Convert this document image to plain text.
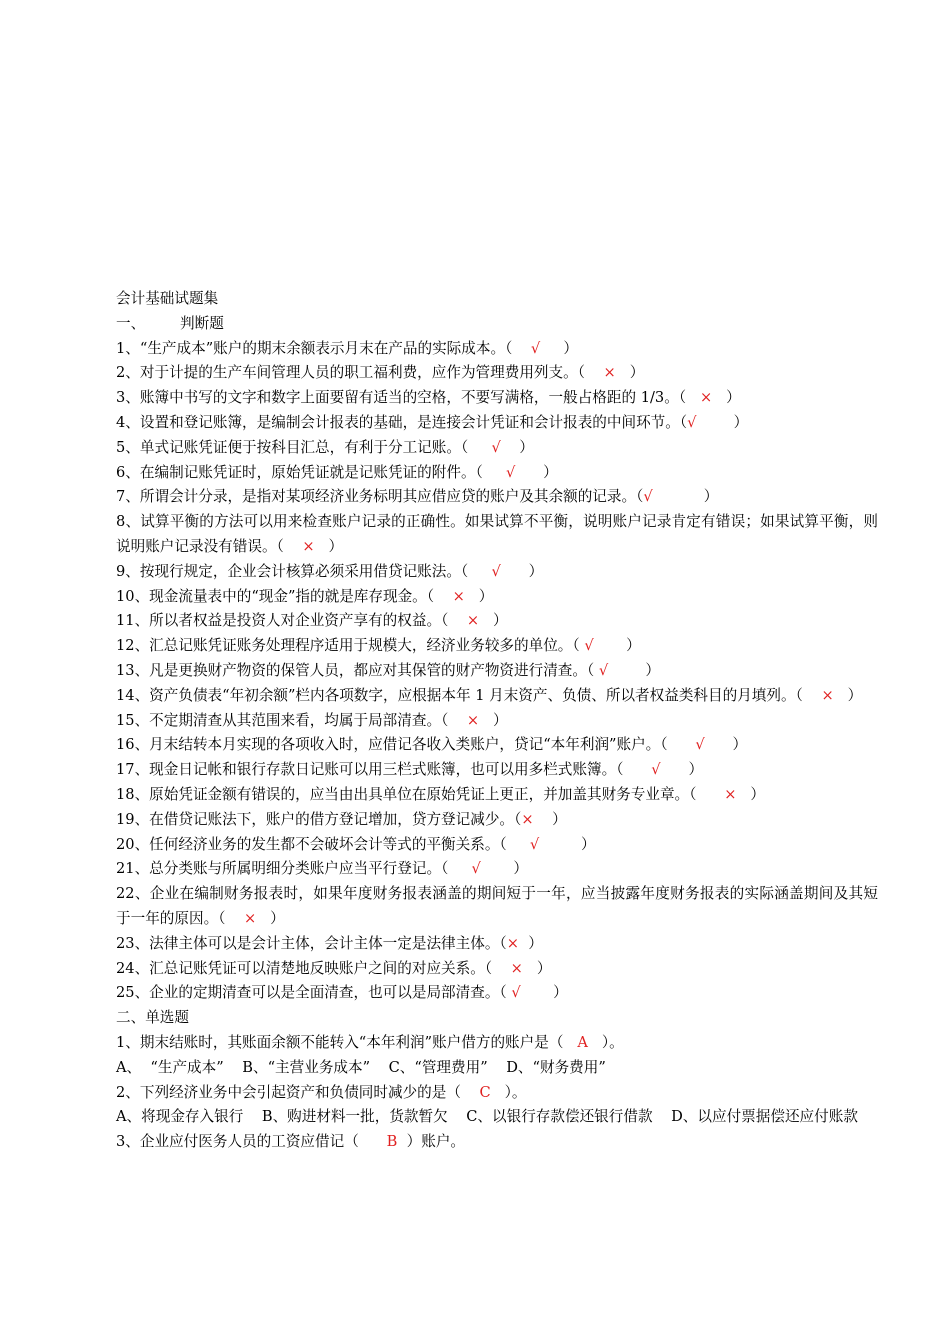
会计基础试题集
一、 判断题
1、“生产成本”账户的期末余额表示月末在产品的实际成本。（    √     ）
2、对于计提的生产车间管理人员的职工福利费，应作为管理费用列支。（    ×   ）
3、账簿中书写的文字和数字上面要留有适当的空格，不要写满格，一般占格距的 1/3。（   ×   ）
4、设置和登记账簿，是编制会计报表的基础，是连接会计凭证和会计报表的中间环节。（√        ）
5、单式记账凭证便于按科目汇总，有利于分工记账。（     √    ）
6、在编制记账凭证时，原始凭证就是记账凭证的附件。（     √      ）
7、所谓会计分录，是指对某项经济业务标明其应借应贷的账户及其余额的记录。（√           ）
8、试算平衡的方法可以用来检查账户记录的正确性。如果试算不平衡，说明账户记录肯定有错误；如果试算平衡，则说明账户记录没有错误。（    ×   ）
9、按现行规定，企业会计核算必须采用借贷记账法。（     √      ）
10、现金流量表中的“现金”指的就是库存现金。（    ×   ）
11、所以者权益是投资人对企业资产享有的权益。（    ×   ）
12、汇总记账凭证账务处理程序适用于规模大，经济业务较多的单位。（ √       ）
13、凡是更换财产物资的保管人员，都应对其保管的财产物资进行清查。（ √        ）
14、资产负债表“年初余额”栏内各项数字，应根据本年 1 月末资产、负债、所以者权益类科目的月填列。（    ×   ）
15、不定期清查从其范围来看，均属于局部清查。（    ×   ）
16、月末结转本月实现的各项收入时，应借记各收入类账户，贷记“本年利润”账户。（      √      ）
17、现金日记帐和银行存款日记账可以用三栏式账簿，也可以用多栏式账簿。（      √      ）
18、原始凭证金额有错误的，应当由出具单位在原始凭证上更正，并加盖其财务专业章。（      ×   ）
19、在借贷记账法下，账户的借方登记增加，贷方登记减少。（×    ）
20、任何经济业务的发生都不会破坏会计等式的平衡关系。（     √         ）
21、总分类账与所属明细分类账户应当平行登记。（     √       ）
22、企业在编制财务报表时，如果年度财务报表涵盖的期间短于一年，应当披露年度财务报表的实际涵盖期间及其短于一年的原因。（    ×   ）
23、法律主体可以是会计主体，会计主体一定是法律主体。（×  ）
24、汇总记账凭证可以清楚地反映账户之间的对应关系。（    ×   ）
25、企业的定期清查可以是全面清查，也可以是局部清查。（ √       ）
二、单选题
1、期末结账时，其账面余额不能转入“本年利润”账户借方的账户是（   A   ）。
A、  “生产成本”    B、“主营业务成本”    C、“管理费用”    D、“财务费用”
2、下列经济业务中会引起资产和负债同时减少的是（    C   ）。
A、将现金存入银行    B、购进材料一批，货款暂欠    C、以银行存款偿还银行借款    D、以应付票据偿还应付账款
3、企业应付医务人员的工资应借记（      B  ）账户。
